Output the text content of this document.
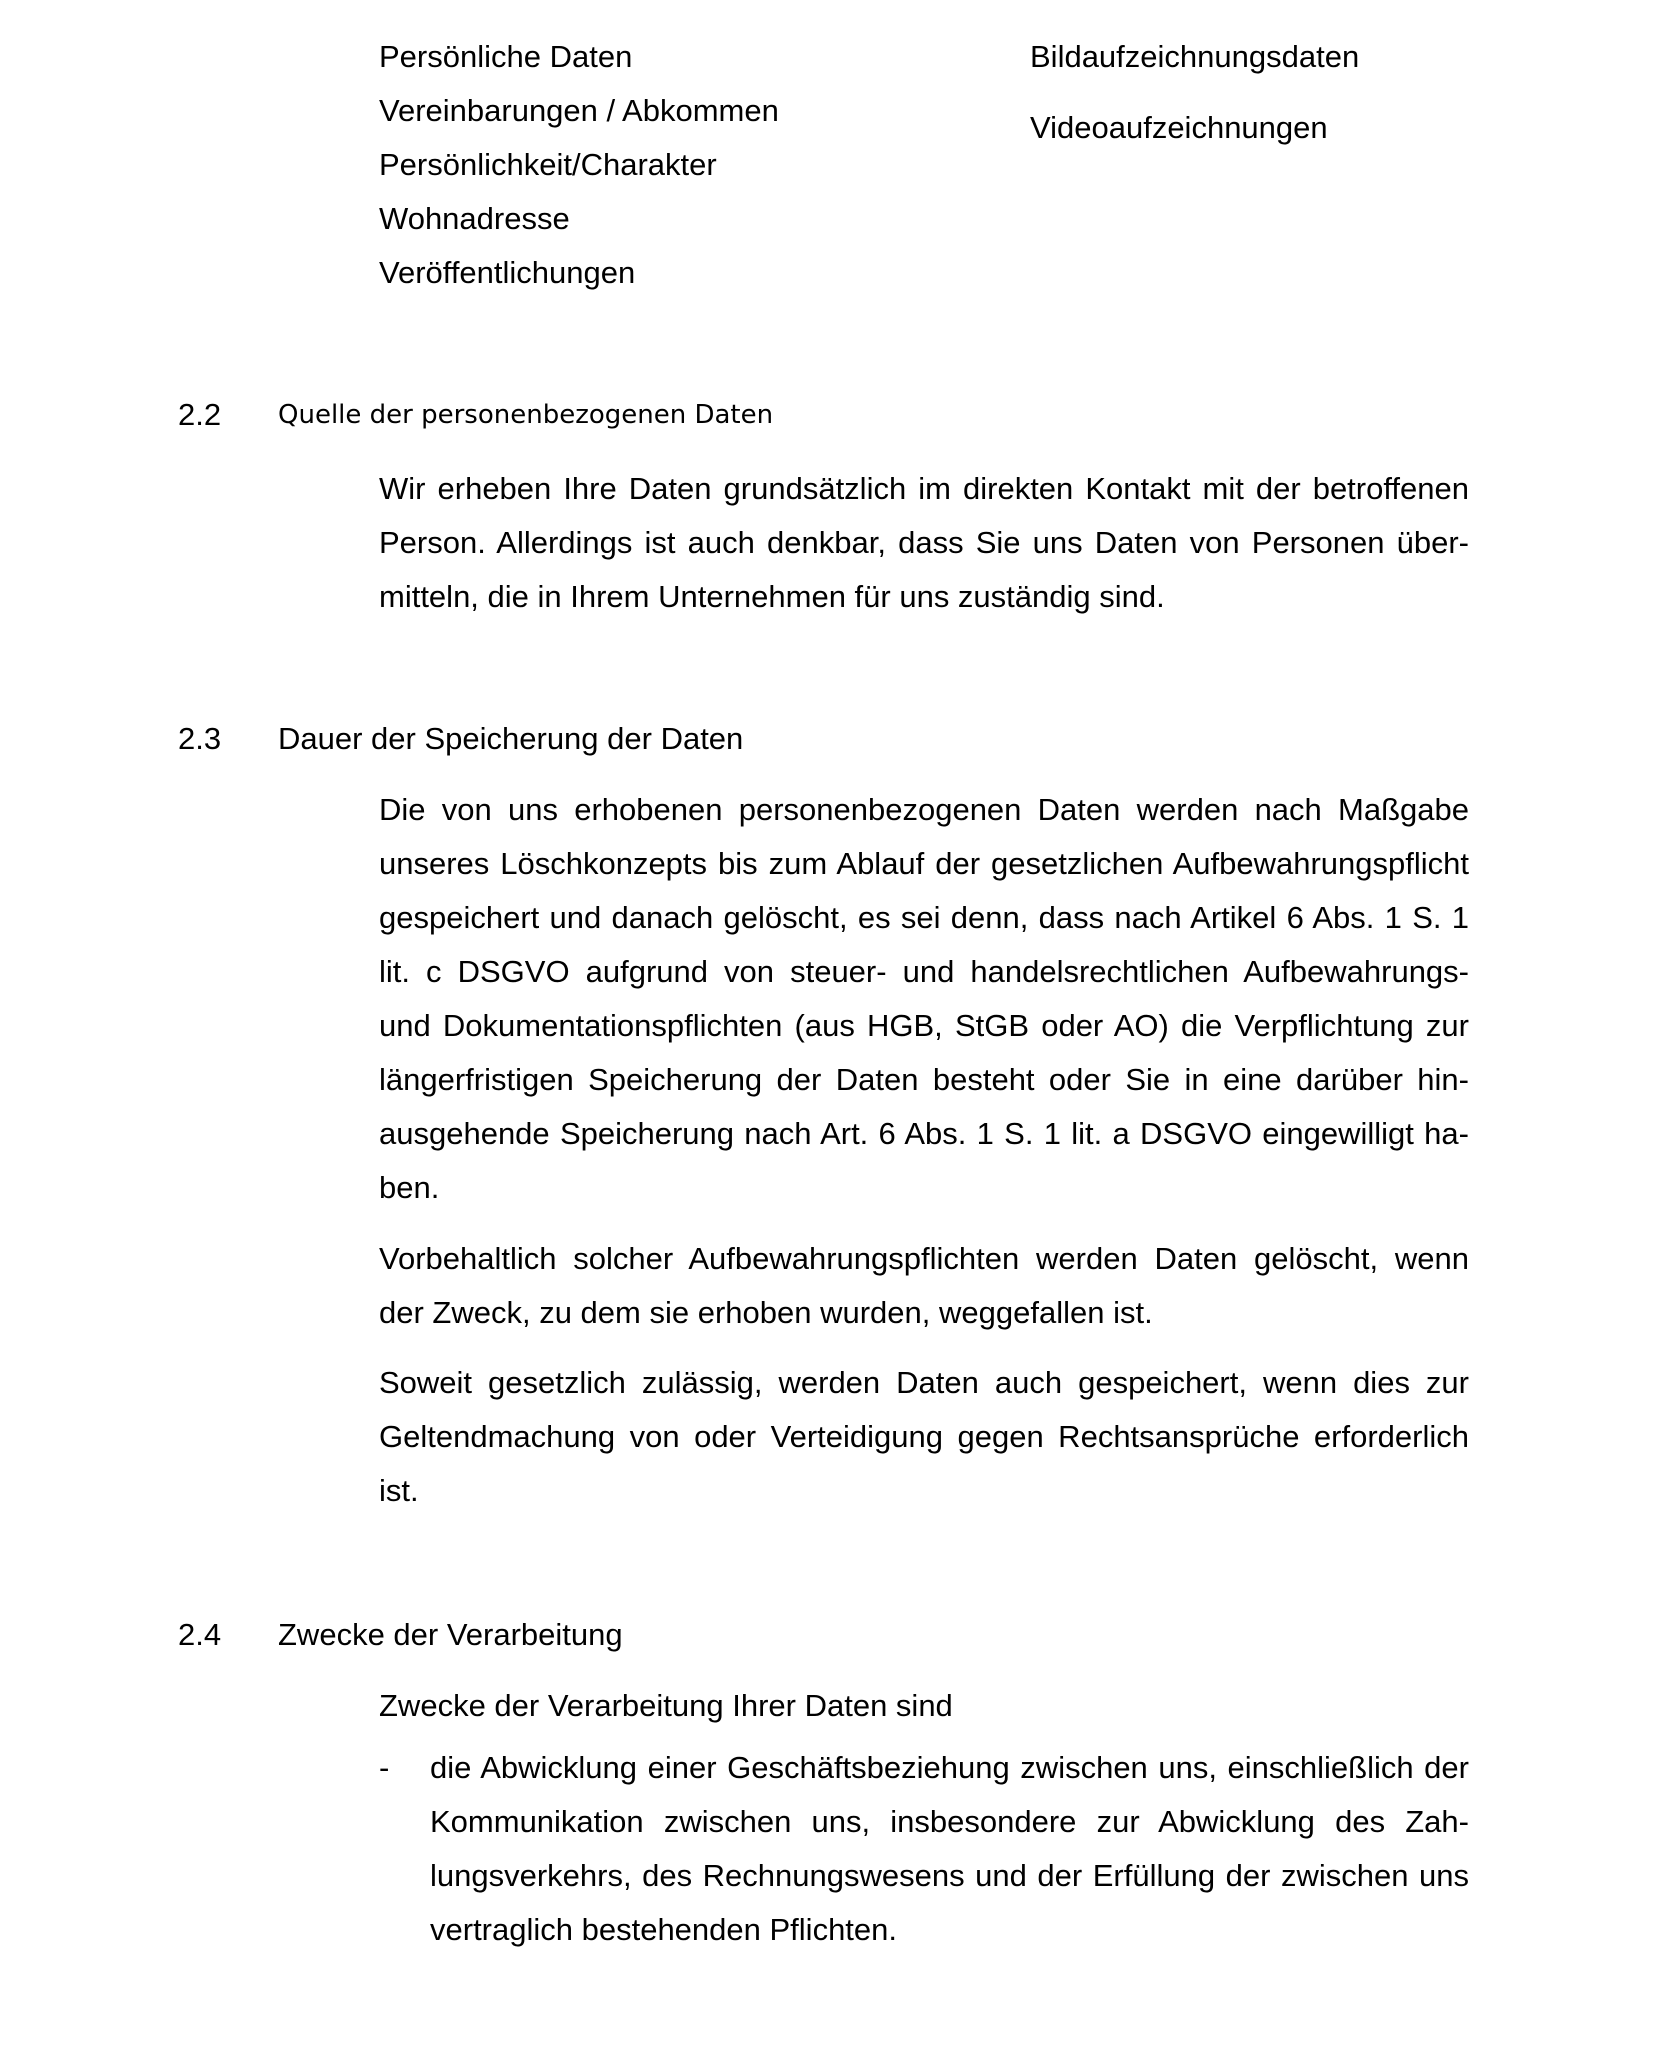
Persönliche Daten
Vereinbarungen / Abkommen
Persönlichkeit/Charakter
Wohnadresse
Veröffentlichungen
Bildaufzeichnungsdaten
Videoaufzeichnungen
2.2 Quelle der personenbezogenen Daten

Wir erheben Ihre Daten grundsätzlich im direkten Kontakt mit der betroffenen Person. Allerdings ist auch denkbar, dass Sie uns Daten von Personen übermitteln, die in Ihrem Unternehmen für uns zuständig sind.

2.3 Dauer der Speicherung der Daten

Die von uns erhobenen personenbezogenen Daten werden nach Maßgabe unseres Löschkonzepts bis zum Ablauf der gesetzlichen Aufbewahrungspflicht gespeichert und danach gelöscht, es sei denn, dass nach Artikel 6 Abs. 1 S. 1 lit. c DSGVO aufgrund von steuer- und handelsrechtlichen Aufbewahrungs- und Dokumentationspflichten (aus HGB, StGB oder AO) die Verpflichtung zur längerfristigen Speicherung der Daten besteht oder Sie in eine darüber hinausgehende Speicherung nach Art. 6 Abs. 1 S. 1 lit. a DSGVO eingewilligt haben.

Vorbehaltlich solcher Aufbewahrungspflichten werden Daten gelöscht, wenn der Zweck, zu dem sie erhoben wurden, weggefallen ist.

Soweit gesetzlich zulässig, werden Daten auch gespeichert, wenn dies zur Geltendmachung von oder Verteidigung gegen Rechtsansprüche erforderlich ist.

2.4 Zwecke der Verarbeitung

Zwecke der Verarbeitung Ihrer Daten sind

- die Abwicklung einer Geschäftsbeziehung zwischen uns, einschließlich der Kommunikation zwischen uns, insbesondere zur Abwicklung des Zahlungsverkehrs, des Rechnungswesens und der Erfüllung der zwischen uns vertraglich bestehenden Pflichten.
